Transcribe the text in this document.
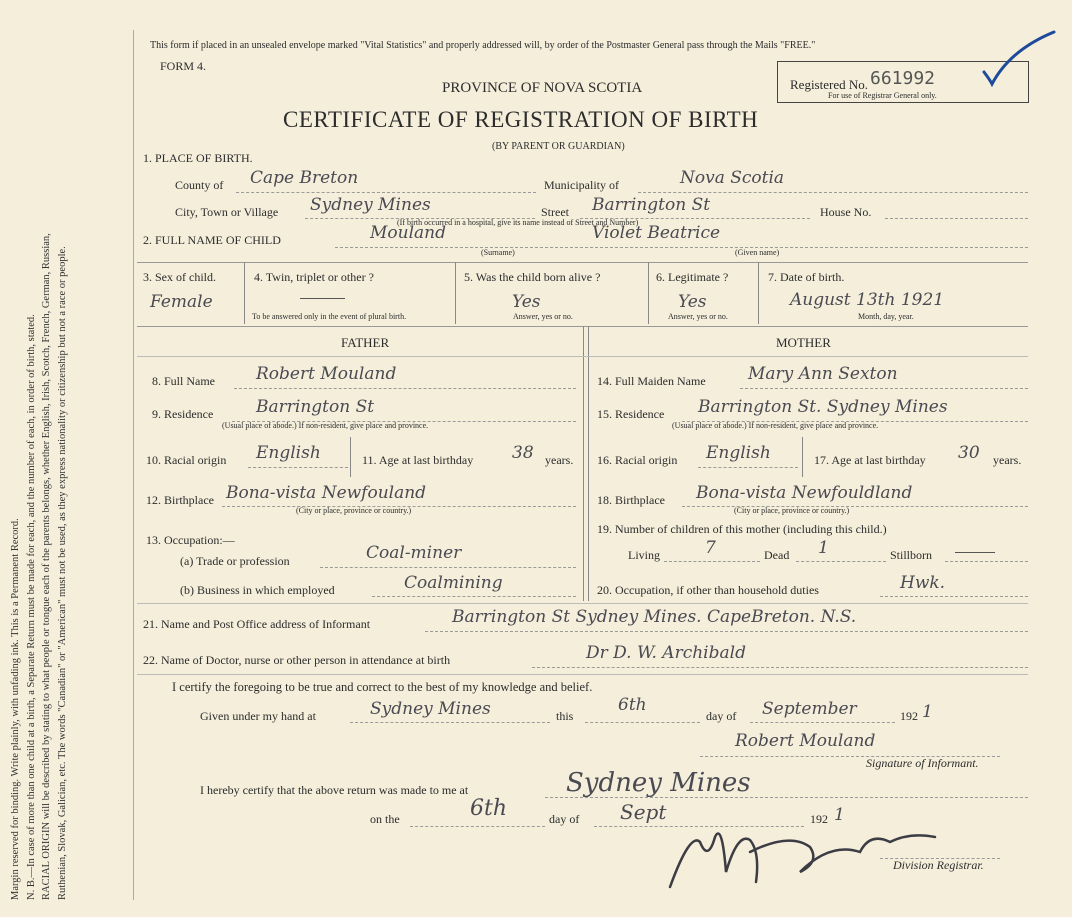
Margin reserved for binding. Write plainly, with unfading ink. This is a Permanent Record. N. B.—In case of more than one child at a birth, a Separate Return must be made for each, and the number of each, in order of birth, stated. RACIAL ORIGIN will be described by stating to what people or tongue each of the parents belongs, whether English, Irish, Scotch, French, German, Russian, Ruthenian, Slovak, Galician, etc. The words "Canadian" or "American" must not be used, as they express nationality or citizenship but not a race or people.
This form if placed in an unsealed envelope marked "Vital Statistics" and properly addressed will, by order of the Postmaster General pass through the Mails "FREE."
FORM 4.
PROVINCE OF NOVA SCOTIA
CERTIFICATE OF REGISTRATION OF BIRTH
(BY PARENT OR GUARDIAN)
Registered No. 661992
For use of Registrar General only.
1. PLACE OF BIRTH.
County of Cape Breton	Municipality of	Nova Scotia
City, Town or Village Sydney Mines	Street Barrington St	House No.
(If birth occurred in a hospital, give its name instead of Street and Number)
2. FULL NAME OF CHILD	Mouland	Violet Beatrice
(Surname)	(Given name)
3. Sex of child.
Female
4. Twin, triplet or other ?
To be answered only in the event of plural birth.
5. Was the child born alive ?
Yes
Answer, yes or no.
6. Legitimate ?
Yes
Answer, yes or no.
7. Date of birth.
August 13th 1921
Month, day, year.
FATHER	MOTHER
8. Full Name Robert Mouland
9. Residence	Barrington St
(Usual place of abode.) If non-resident, give place and province.
10. Racial origin English	11. Age at last birthday 38 years.
12. Birthplace Bona-vista Newfouland
(City or place, province or country.)
13. Occupation:—
(a) Trade or profession	Coal-miner
(b) Business in which employed	Coalmining
14. Full Maiden Name Mary Ann Sexton
15. Residence Barrington St. Sydney Mines
(Usual place of abode.) If non-resident, give place and province.
16. Racial origin English	17. Age at last birthday 30 years.
18. Birthplace Bona-vista Newfouldland
(City or place, province or country.)
19. Number of children of this mother (including this child.)
Living	7	Dead 1	Stillborn
20. Occupation, if other than household duties	Hwk.
21. Name and Post Office address of Informant	Barrington St Sydney Mines. CapeBreton. N.S.
22. Name of Doctor, nurse or other person in attendance at birth	Dr D. W. Archibald
I certify the foregoing to be true and correct to the best of my knowledge and belief.
Given under my hand at	Sydney Mines	this
6th
day of September	192 1
Robert Mouland
Signature of Informant.
I hereby certify that the above return was made to me at	Sydney Mines
on the	6th	day of Sept	192 1
Division Registrar.
